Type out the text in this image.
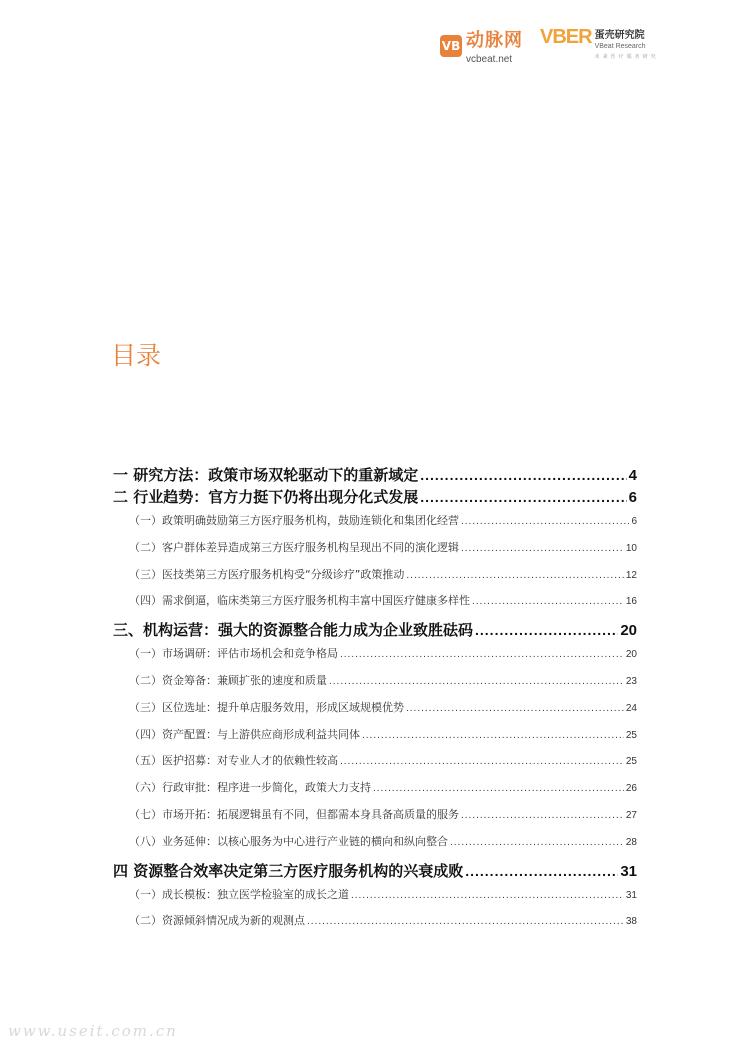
VB 动脉网
vcbeat.net
VBER 蛋壳研究院
VBeat Research
未来医疗服务研究
目录
一 研究方法：政策市场双轮驱动下的重新域定 .....	4
二 行业趋势：官方力挺下仍将出现分化式发展 .....	6
（一）政策明确鼓励第三方医疗服务机构，鼓励连锁化和集团化经营 .....	6
（二）客户群体差异造成第三方医疗服务机构呈现出不同的演化逻辑 .....	10
（三）医技类第三方医疗服务机构受“分级诊疗”政策推动 .....	12
（四）需求倒逼，临床类第三方医疗服务机构丰富中国医疗健康多样性 .....	16
三、机构运营：强大的资源整合能力成为企业致胜砝码 .....	20
（一）市场调研：评估市场机会和竞争格局 .....	20
（二）资金筹备：兼顾扩张的速度和质量 .....	23
（三）区位选址：提升单店服务效用，形成区域规模优势 .....	24
（四）资产配置：与上游供应商形成利益共同体 .....	25
（五）医护招募：对专业人才的依赖性较高 .....	25
（六）行政审批：程序进一步简化，政策大力支持 .....	26
（七）市场开拓：拓展逻辑虽有不同，但都需本身具备高质量的服务 .....	27
（八）业务延伸：以核心服务为中心进行产业链的横向和纵向整合 .....	28
四 资源整合效率决定第三方医疗服务机构的兴衰成败 .....	31
（一）成长模板：独立医学检验室的成长之道 .....	31
（二）资源倾斜情况成为新的观测点 .....	38
www.useit.com.cn
